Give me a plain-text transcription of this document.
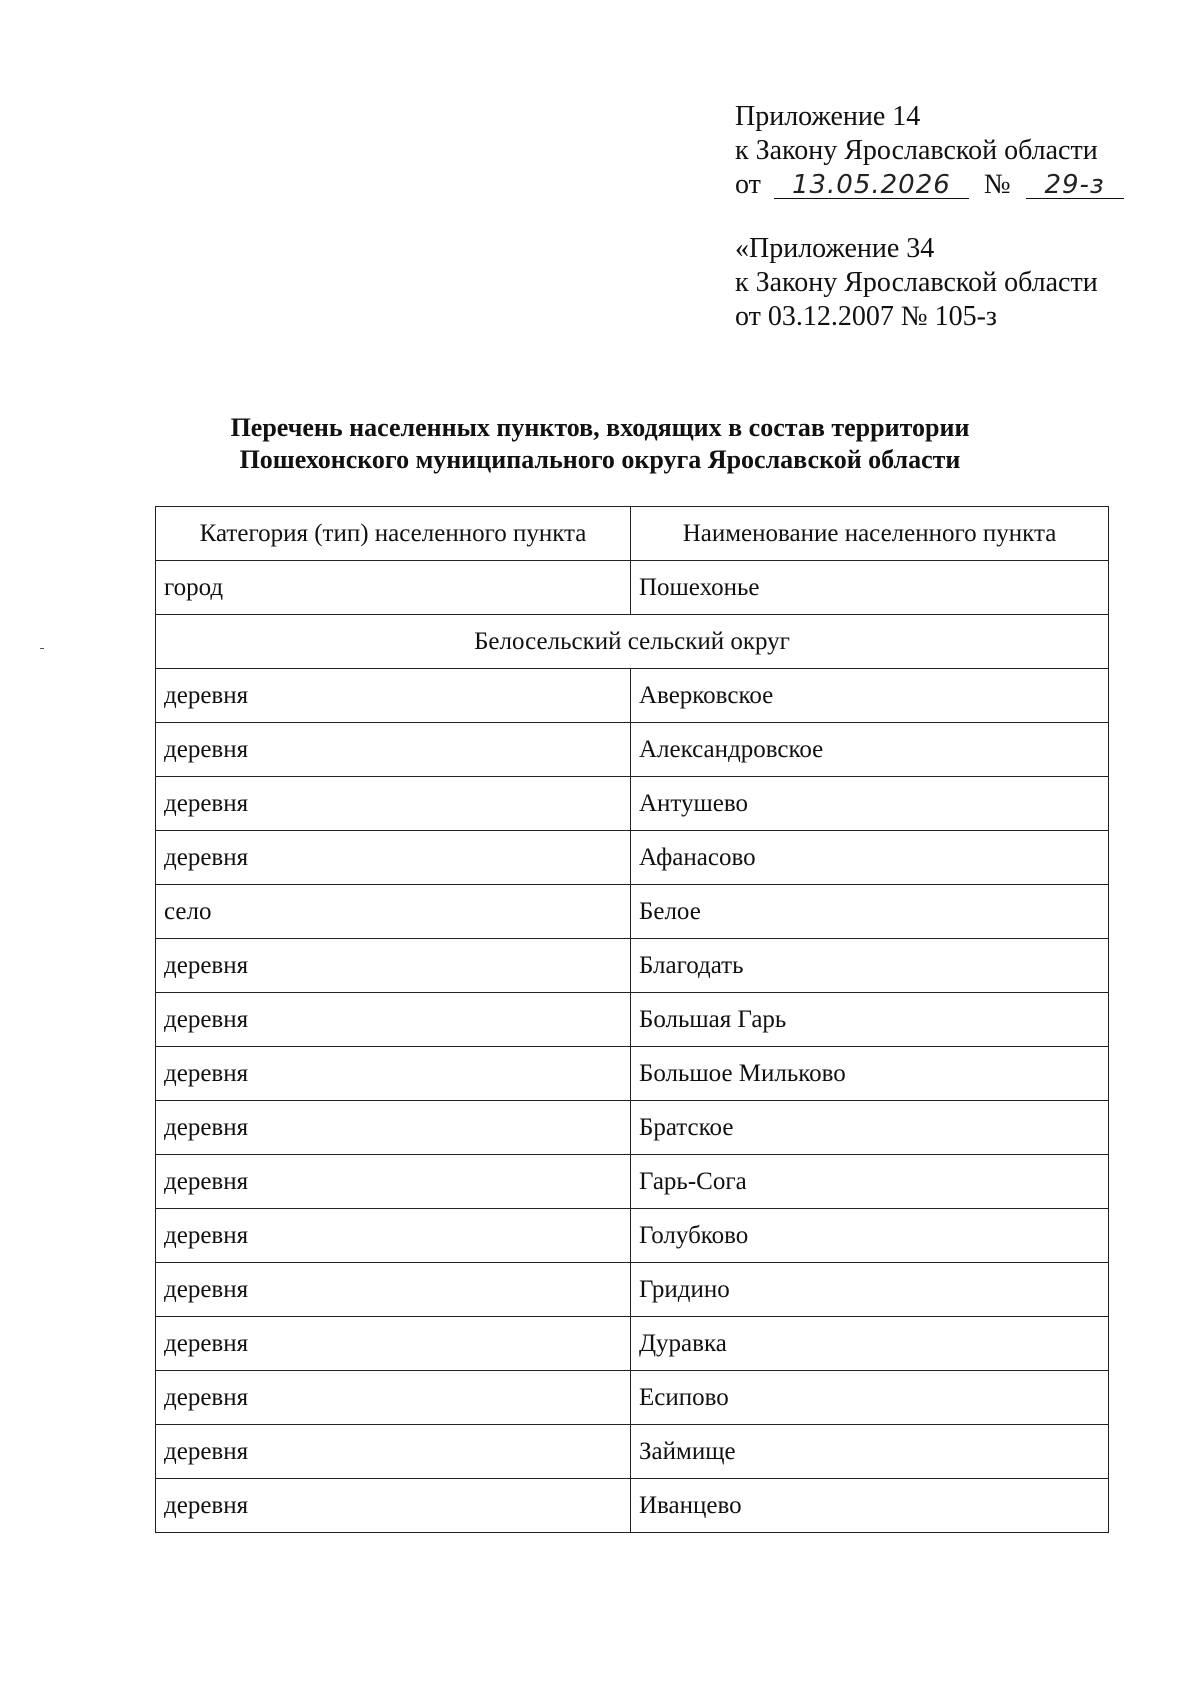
Приложение 14
к Закону Ярославской области
от 13.05.2026 № 29-з
«Приложение 34
к Закону Ярославской области
от 03.12.2007 № 105-з
Перечень населенных пунктов, входящих в состав территории
Пошехонского муниципального округа Ярославской области
Категория (тип) населенного пункта	Наименование населенного пункта
город	Пошехонье
Белосельский сельский округ	
деревня	Аверковское
деревня	Александровское
деревня	Антушево
деревня	Афанасово
село	Белое
деревня	Благодать
деревня	Большая Гарь
деревня	Большое Мильково
деревня	Братское
деревня	Гарь-Сога
деревня	Голубково
деревня	Гридино
деревня	Дуравка
деревня	Есипово
деревня	Займище
деревня	Иванцево
